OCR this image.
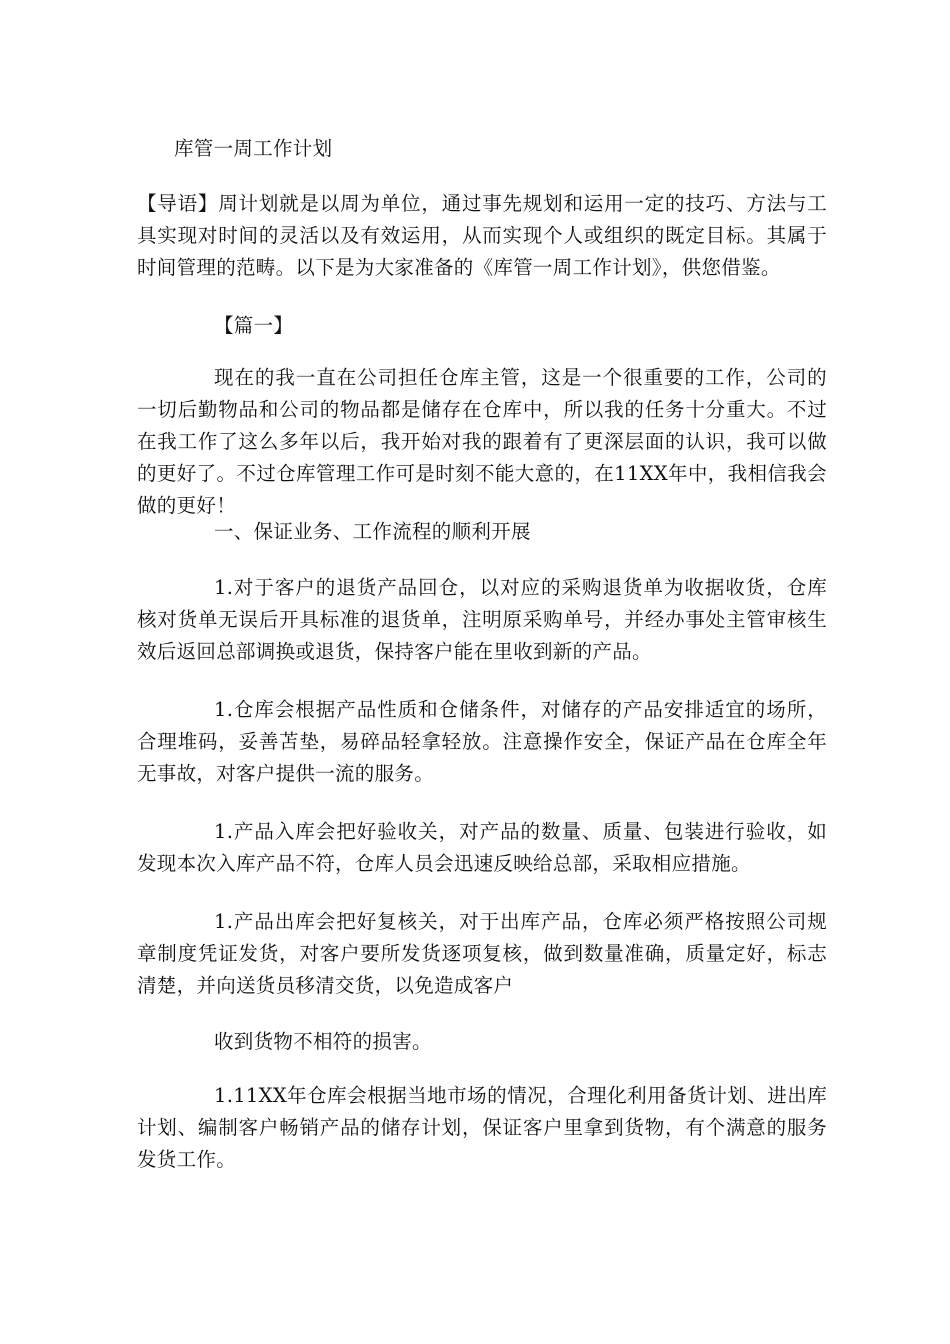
库管一周工作计划

【导语】周计划就是以周为单位，通过事先规划和运用一定的技巧、方法与工具实现对时间的灵活以及有效运用，从而实现个人或组织的既定目标。其属于时间管理的范畴。以下是为大家准备的《库管一周工作计划》，供您借鉴。

【篇一】

现在的我一直在公司担任仓库主管，这是一个很重要的工作，公司的一切后勤物品和公司的物品都是储存在仓库中，所以我的任务十分重大。不过在我工作了这么多年以后，我开始对我的跟着有了更深层面的认识，我可以做的更好了。不过仓库管理工作可是时刻不能大意的，在11XX年中，我相信我会做的更好！

一、保证业务、工作流程的顺利开展

1.对于客户的退货产品回仓，以对应的采购退货单为收据收货，仓库核对货单无误后开具标准的退货单，注明原采购单号，并经办事处主管审核生效后返回总部调换或退货，保持客户能在里收到新的产品。

1.仓库会根据产品性质和仓储条件，对储存的产品安排适宜的场所，合理堆码，妥善苫垫，易碎品轻拿轻放。注意操作安全，保证产品在仓库全年无事故，对客户提供一流的服务。

1.产品入库会把好验收关，对产品的数量、质量、包装进行验收，如发现本次入库产品不符，仓库人员会迅速反映给总部，采取相应措施。

1.产品出库会把好复核关，对于出库产品，仓库必须严格按照公司规章制度凭证发货，对客户要所发货逐项复核，做到数量准确，质量定好，标志清楚，并向送货员移清交货，以免造成客户

收到货物不相符的损害。

1.11XX年仓库会根据当地市场的情况，合理化利用备货计划、进出库计划、编制客户畅销产品的储存计划，保证客户里拿到货物，有个满意的服务发货工作。
